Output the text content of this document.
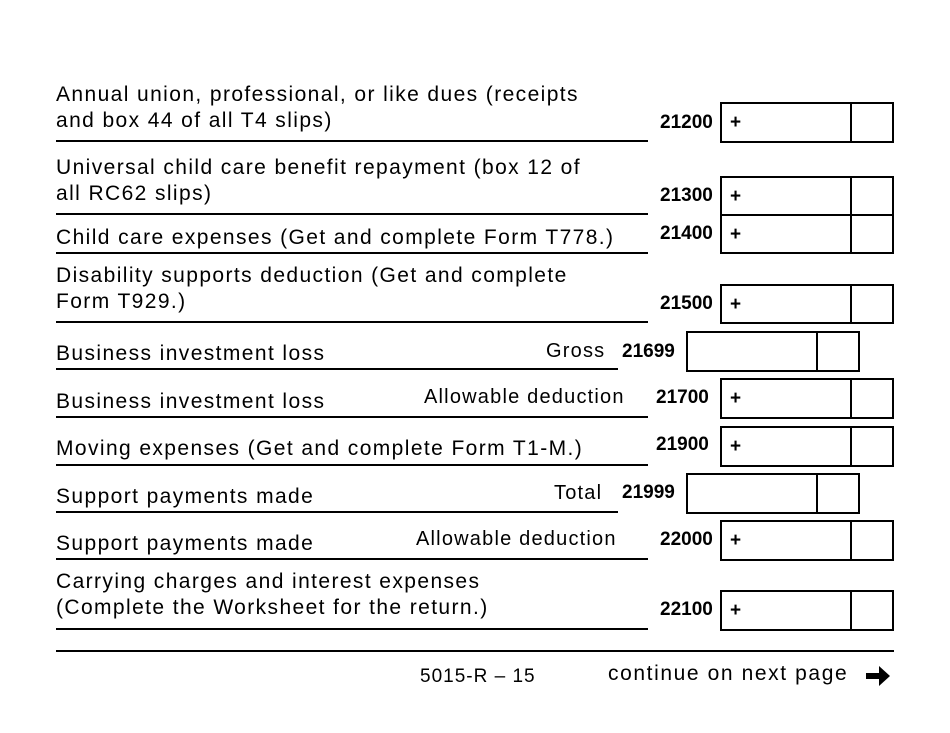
Annual union, professional, or like dues (receipts
and box 44 of all T4 slips)	21200 +
Universal child care benefit repayment (box 12 of
all RC62 slips)	21300 +
Child care expenses (Get and complete Form T778.) 21400 +
Disability supports deduction (Get and complete
Form T929.)	21500 +
Business investment loss	Gross 21699
Business investment loss	Allowable deduction 21700 +
Moving expenses (Get and complete Form T1-M.)	21900 +
Support payments made	Total 21999
Support payments made	Allowable deduction 22000 +
Carrying charges and interest expenses
(Complete the Worksheet for the return.)	22100 +
5015-R – 15	continue on next page
